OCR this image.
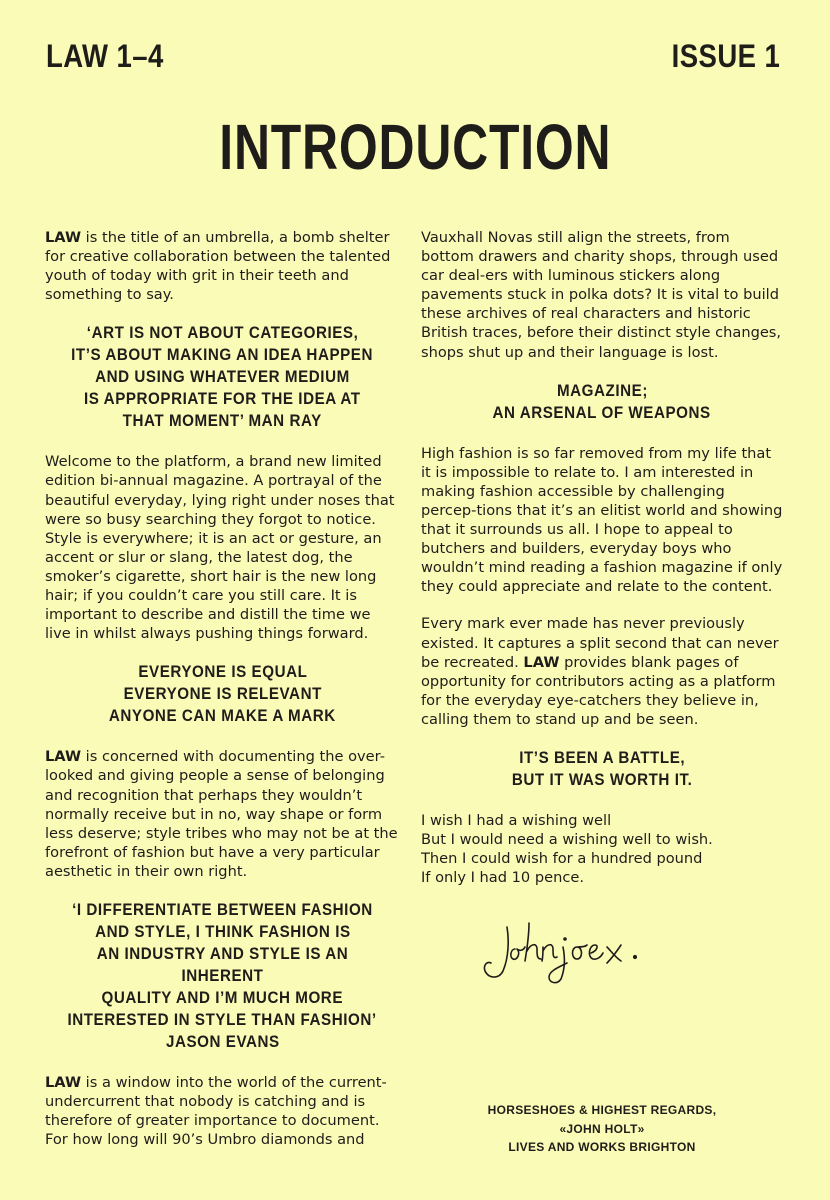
LAW 1–4	ISSUE 1
INTRODUCTION

LAW is the title of an umbrella, a bomb shelter for creative collaboration between the talented youth of today with grit in their teeth and something to say.

‘ART IS NOT ABOUT CATEGORIES,
IT’S ABOUT MAKING AN IDEA HAPPEN
AND USING WHATEVER MEDIUM
IS APPROPRIATE FOR THE IDEA AT
THAT MOMENT’ MAN RAY

Welcome to the platform, a brand new limited edition bi-annual magazine. A portrayal of the beautiful everyday, lying right under noses that were so busy searching they forgot to notice. Style is everywhere; it is an act or gesture, an accent or slur or slang, the latest dog, the smoker’s cigarette, short hair is the new long hair; if you couldn’t care you still care. It is important to describe and distill the time we live in whilst always pushing things forward.

EVERYONE IS EQUAL
EVERYONE IS RELEVANT
ANYONE CAN MAKE A MARK

LAW is concerned with documenting the over-looked and giving people a sense of belonging and recognition that perhaps they wouldn’t normally receive but in no, way shape or form less deserve; style tribes who may not be at the forefront of fashion but have a very particular aesthetic in their own right.

‘I DIFFERENTIATE BETWEEN FASHION
AND STYLE, I THINK FASHION IS
AN INDUSTRY AND STYLE IS AN INHERENT
QUALITY AND I’M MUCH MORE
INTERESTED IN STYLE THAN FASHION’
JASON EVANS

LAW is a window into the world of the current-undercurrent that nobody is catching and is therefore of greater importance to document. For how long will 90’s Umbro diamonds and

Vauxhall Novas still align the streets, from bottom drawers and charity shops, through used car deal-ers with luminous stickers along pavements stuck in polka dots? It is vital to build these archives of real characters and historic British traces, before their distinct style changes, shops shut up and their language is lost.

MAGAZINE;
AN ARSENAL OF WEAPONS

High fashion is so far removed from my life that it is impossible to relate to. I am interested in making fashion accessible by challenging percep-tions that it’s an elitist world and showing that it surrounds us all. I hope to appeal to butchers and builders, everyday boys who wouldn’t mind reading a fashion magazine if only they could appreciate and relate to the content.

Every mark ever made has never previously existed. It captures a split second that can never be recreated. LAW provides blank pages of opportunity for contributors acting as a platform for the everyday eye-catchers they believe in, calling them to stand up and be seen.

IT’S BEEN A BATTLE,
BUT IT WAS WORTH IT.

I wish I had a wishing well
But I would need a wishing well to wish.
Then I could wish for a hundred pound
If only I had 10 pence.

HORSESHOES & HIGHEST REGARDS,
«JOHN HOLT»
LIVES AND WORKS BRIGHTON
